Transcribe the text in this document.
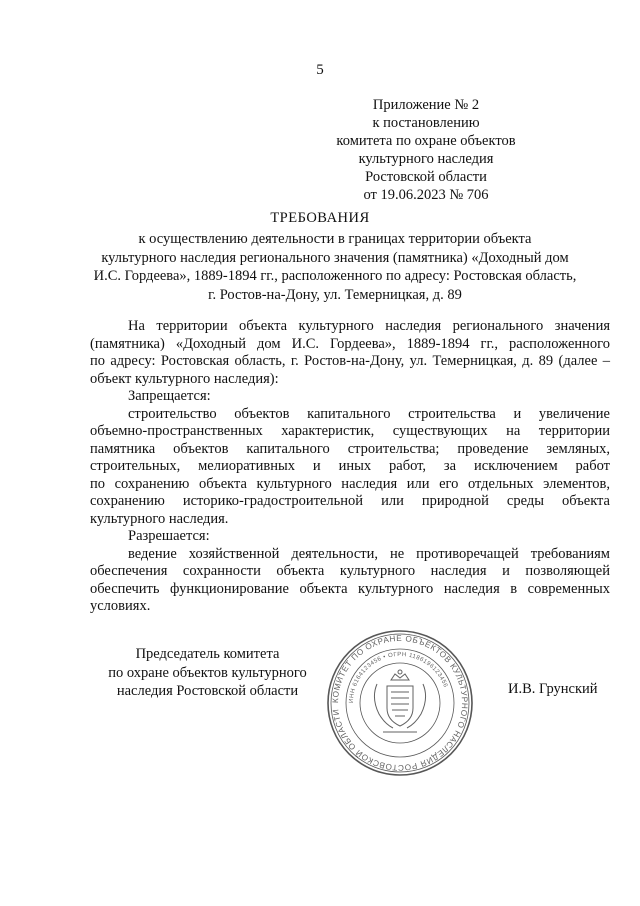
5
Приложение № 2
к постановлению
комитета по охране объектов
культурного наследия
Ростовской области
от 19.06.2023 № 706
ТРЕБОВАНИЯ
к осуществлению деятельности в границах территории объекта
культурного наследия регионального значения (памятника) «Доходный дом
И.С. Гордеева», 1889-1894 гг., расположенного по адресу: Ростовская область,
г. Ростов-на-Дону, ул. Темерницкая, д. 89
На территории объекта культурного наследия регионального значения
(памятника) «Доходный дом И.С. Гордеева», 1889-1894 гг., расположенного
по адресу: Ростовская область, г. Ростов-на-Дону, ул. Темерницкая, д. 89 (далее –
объект культурного наследия):
Запрещается:
строительство объектов капитального строительства и увеличение
объемно-пространственных характеристик, существующих на территории
памятника объектов капитального строительства; проведение земляных,
строительных, мелиоративных и иных работ, за исключением работ
по сохранению объекта культурного наследия или его отдельных элементов,
сохранению историко-градостроительной или природной среды объекта
культурного наследия.
Разрешается:
ведение хозяйственной деятельности, не противоречащей требованиям
обеспечения сохранности объекта культурного наследия и позволяющей
обеспечить функционирование объекта культурного наследия в современных
условиях.
Председатель комитета
по охране объектов культурного
наследия Ростовской области
КОМИТЕТ ПО ОХРАНЕ ОБЪЕКТОВ КУЛЬТУРНОГО НАСЛЕДИЯ РОСТОВСКОЙ ОБЛАСТИ
ИНН 6164123456 • ОГРН 1186196123456	И.В. Грунский
